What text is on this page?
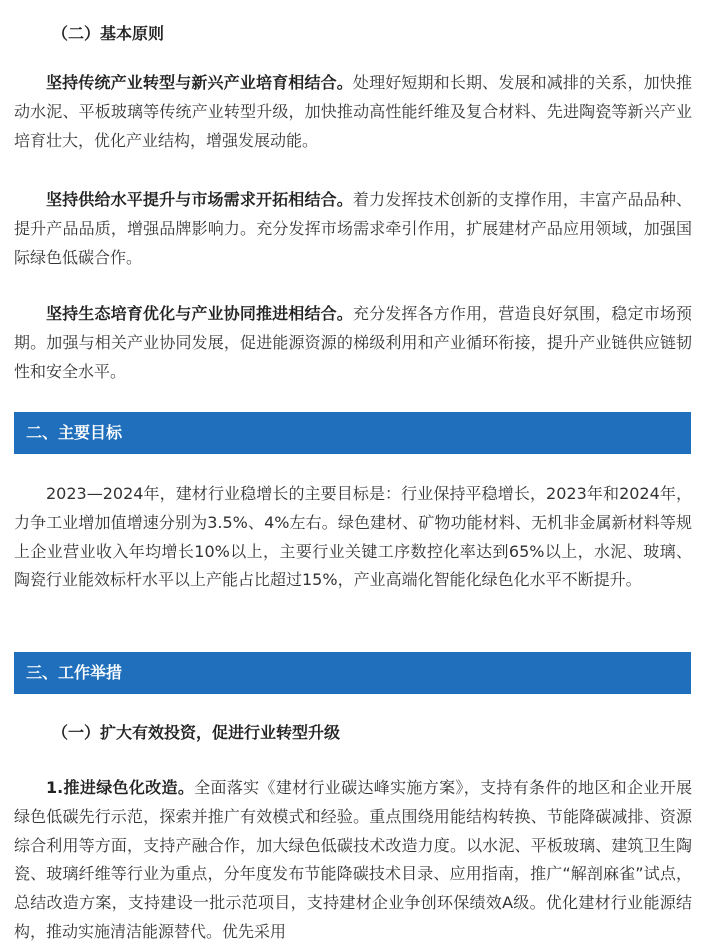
（二）基本原则

坚持传统产业转型与新兴产业培育相结合。处理好短期和长期、发展和减排的关系，加快推动水泥、平板玻璃等传统产业转型升级，加快推动高性能纤维及复合材料、先进陶瓷等新兴产业培育壮大，优化产业结构，增强发展动能。

坚持供给水平提升与市场需求开拓相结合。着力发挥技术创新的支撑作用，丰富产品品种、提升产品品质，增强品牌影响力。充分发挥市场需求牵引作用，扩展建材产品应用领域，加强国际绿色低碳合作。

坚持生态培育优化与产业协同推进相结合。充分发挥各方作用，营造良好氛围，稳定市场预期。加强与相关产业协同发展，促进能源资源的梯级利用和产业循环衔接，提升产业链供应链韧性和安全水平。

二、主要目标

2023—2024年，建材行业稳增长的主要目标是：行业保持平稳增长，2023年和2024年，力争工业增加值增速分别为3.5%、4%左右。绿色建材、矿物功能材料、无机非金属新材料等规上企业营业收入年均增长10%以上，主要行业关键工序数控化率达到65%以上，水泥、玻璃、陶瓷行业能效标杆水平以上产能占比超过15%，产业高端化智能化绿色化水平不断提升。

三、工作举措
（一）扩大有效投资，促进行业转型升级

1.推进绿色化改造。全面落实《建材行业碳达峰实施方案》，支持有条件的地区和企业开展绿色低碳先行示范，探索并推广有效模式和经验。重点围绕用能结构转换、节能降碳减排、资源综合利用等方面，支持产融合作，加大绿色低碳技术改造力度。以水泥、平板玻璃、建筑卫生陶瓷、玻璃纤维等行业为重点，分年度发布节能降碳技术目录、应用指南，推广“解剖麻雀”试点，总结改造方案，支持建设一批示范项目，支持建材企业争创环保绩效A级。优化建材行业能源结构，推动实施清洁能源替代。优先采用
